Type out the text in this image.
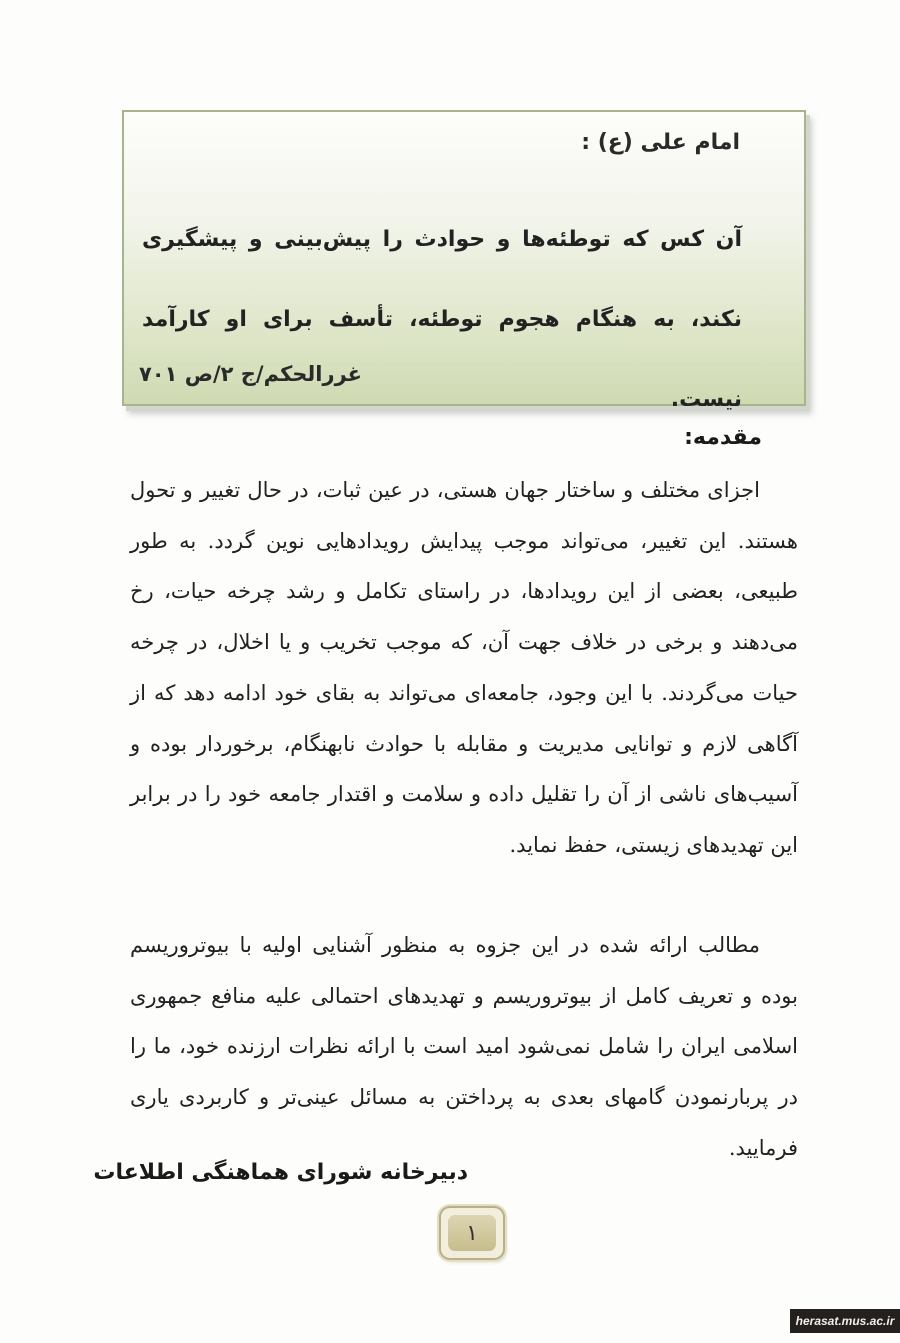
امام علی (ع) :
آن کس که توطئه‌ها و حوادث را پیش‌بینی و پیشگیری نکند، به هنگام هجوم توطئه، تأسف برای او کارآمد نیست.
غررالحکم/ج ۲/ص ۷۰۱
مقدمه:
اجزای مختلف و ساختار جهان هستی، در عین ثبات، در حال تغییر و تحول هستند. این تغییر، می‌تواند موجب پیدایش رویدادهایی نوین گردد. به طور طبیعی، بعضی از این رویدادها، در راستای تکامل و رشد چرخه حیات، رخ می‌دهند و برخی در خلاف جهت آن، که موجب تخریب و یا اخلال، در چرخه حیات می‌گردند. با این وجود، جامعه‌ای می‌تواند به بقای خود ادامه دهد که از آگاهی لازم و توانایی مدیریت و مقابله با حوادث نابهنگام، برخوردار بوده و آسیب‌های ناشی از آن را تقلیل داده و سلامت و اقتدار جامعه خود را در برابر این تهدیدهای زیستی، حفظ نماید.
مطالب ارائه شده در این جزوه به منظور آشنایی اولیه با بیوتروریسم بوده و تعریف کامل از بیوتروریسم و تهدیدهای احتمالی علیه منافع جمهوری اسلامی ایران را شامل نمی‌شود امید است با ارائه نظرات ارزنده خود، ما را در پربارنمودن گامهای بعدی به پرداختن به مسائل عینی‌تر و کاربردی یاری فرمایید.
دبیرخانه شورای هماهنگی اطلاعات
۱
herasat.mus.ac.ir
